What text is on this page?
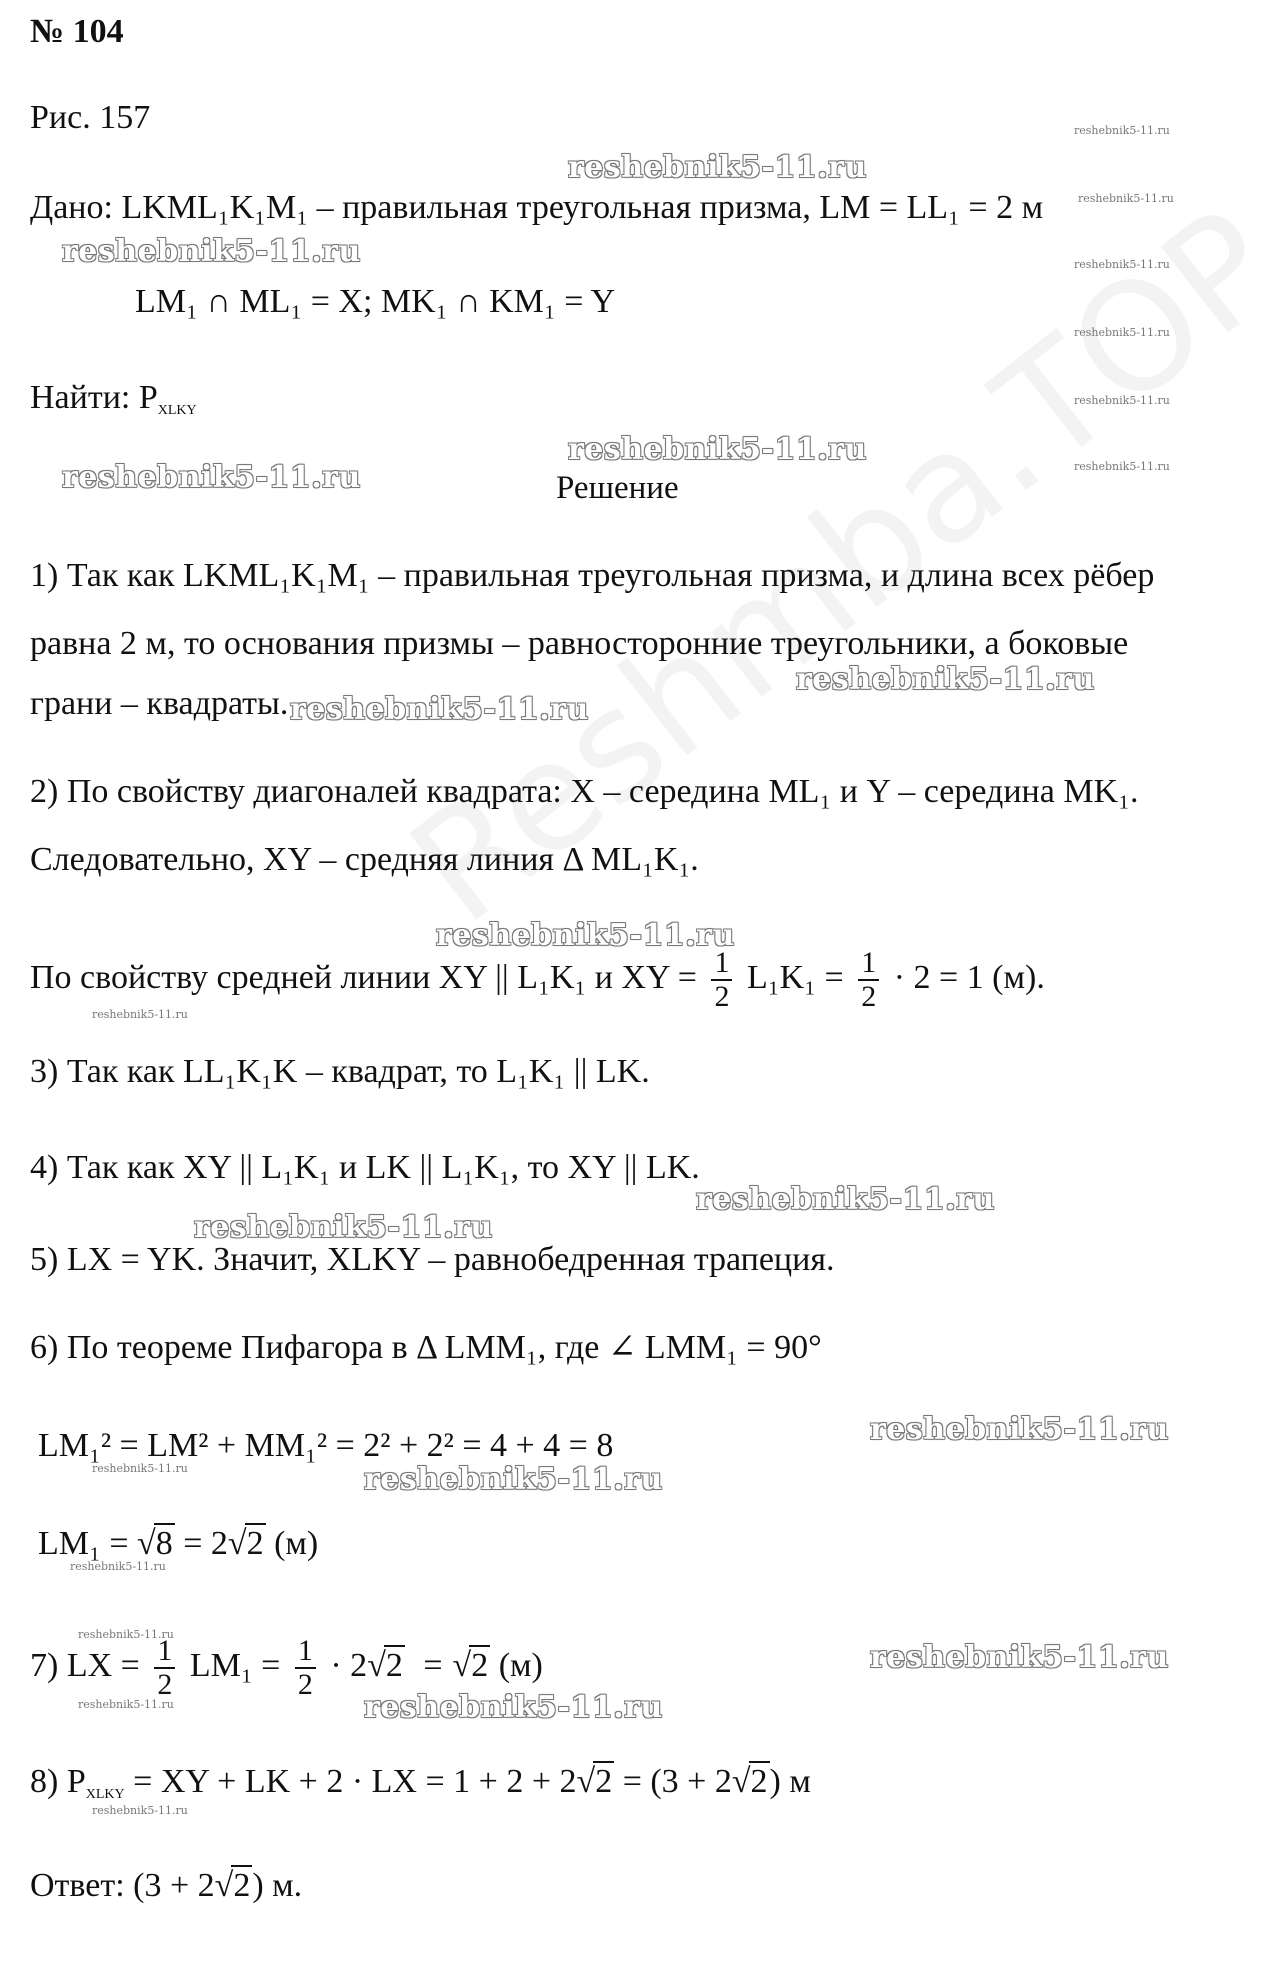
№ 104
Рис. 157
Дано: LKML₁K₁M₁ – правильная треугольная призма, LM = LL₁ = 2 м
LM₁ ∩ ML₁ = X; MK₁ ∩ KM₁ = Y
Найти: $P_{XLKY}$
Решение
1) Так как LKML₁K₁M₁ – правильная треугольная призма, и длина всех рёбер
равна 2 м, то основания призмы – равносторонние треугольники, а боковые
грани – квадраты.
2) По свойству диагоналей квадрата: X – середина ML₁ и Y – середина MK₁.
Следовательно, XY – средняя линия Δ ML₁K₁.
По свойству средней линии XY || L₁K₁ и XY = $\frac{1}{2} L_1K_1 = \frac{1}{2} \cdot 2 = 1$ (м).
3) Так как LL₁K₁K – квадрат, то L₁K₁ || LK.
4) Так как XY || L₁K₁ и LK || L₁K₁, то XY || LK.
5) LX = YK. Значит, XLKY – равнобедренная трапеция.
6) По теореме Пифагора в Δ LMM₁, где ∠ LMM₁ = 90°
LM₁² = LM² + MM₁² = 2² + 2² = 4 + 4 = 8
LM₁ = √8 = 2√2 (м)
7) LX = $\frac{1}{2} LM_1 = \frac{1}{2} \cdot 2√2 = √2$ (м)
8) $P_{XLKY}$ = XY + LK + 2 · LX = 1 + 2 + 2√2 = (3 + 2√2) м
Ответ: (3 + 2√2) м.
reshebnik5-11.ru
reshebnik5-11.ru
reshebnik5-11.ru
reshebnik5-11.ru
reshebnik5-11.ru
reshebnik5-11.ru
reshebnik5-11.ru
reshebnik5-11.ru
reshebnik5-11.ru
reshebnik5-11.ru
reshebnik5-11.ru
reshebnik5-11.ru
reshebnik5-11.ru
reshebnik5-11.ru
reshebnik5-11.ru
reshebnik5-11.ru
reshebnik5-11.ru
reshebnik5-11.ru
reshebnik5-11.ru
reshebnik5-11.ru
reshebnik5-11.ru
reshebnik5-11.ru
reshebnik5-11.ru
reshebnik5-11.ru
reshebnik5-11.ru
